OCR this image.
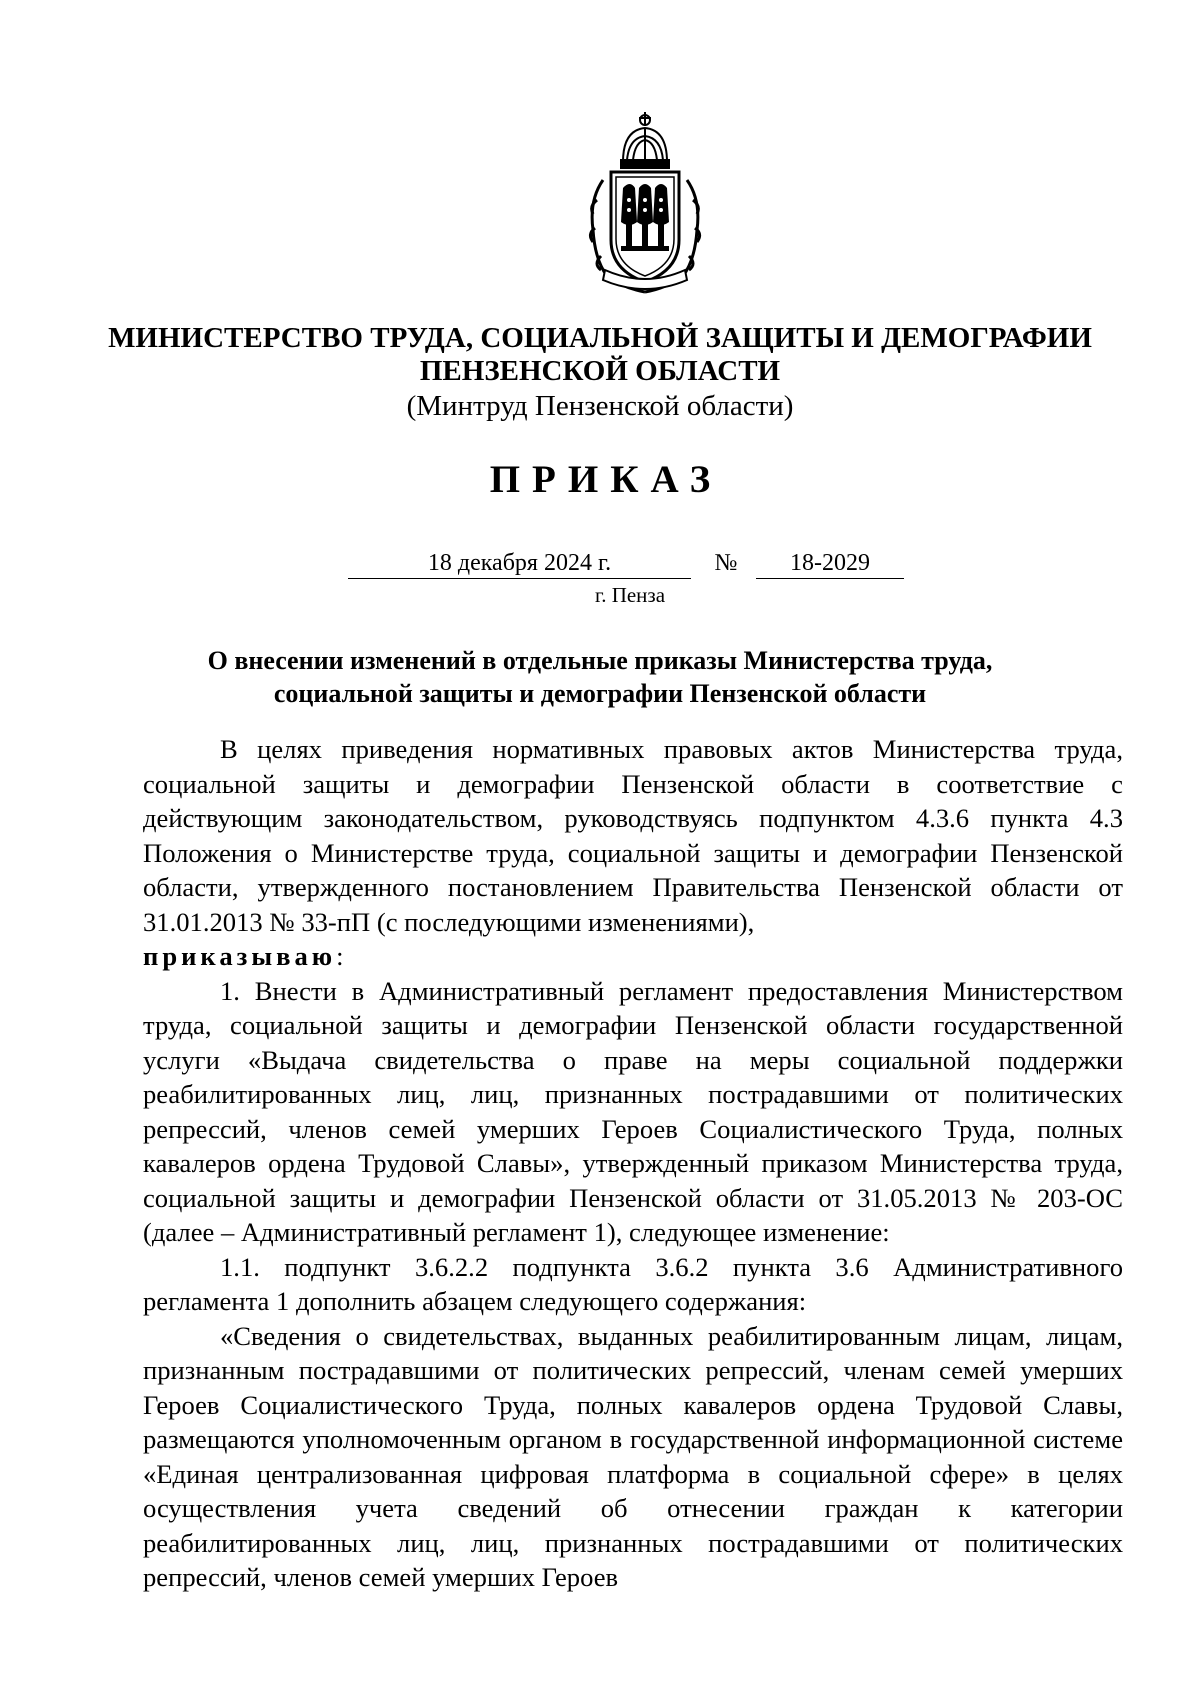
МИНИСТЕРСТВО ТРУДА, СОЦИАЛЬНОЙ ЗАЩИТЫ И ДЕМОГРАФИИ
ПЕНЗЕНСКОЙ ОБЛАСТИ
(Минтруд Пензенской области)
ПРИКАЗ
18 декабря 2024 г.	№	18-2029
г. Пенза
О внесении изменений в отдельные приказы Министерства труда,
социальной защиты и демографии Пензенской области

В целях приведения нормативных правовых актов Министерства труда, социальной защиты и демографии Пензенской области в соответствие с действующим законодательством, руководствуясь подпунктом 4.3.6 пункта 4.3 Положения о Министерстве труда, социальной защиты и демографии Пензенской области, утвержденного постановлением Правительства Пензенской области от 31.01.2013 № 33-пП (с последующими изменениями),

приказываю:

1. Внести в Административный регламент предоставления Министерством труда, социальной защиты и демографии Пензенской области государственной услуги «Выдача свидетельства о праве на меры социальной поддержки реабилитированных лиц, лиц, признанных пострадавшими от политических репрессий, членов семей умерших Героев Социалистического Труда, полных кавалеров ордена Трудовой Славы», утвержденный приказом Министерства труда, социальной защиты и демографии Пензенской области от 31.05.2013 № 203-ОС (далее – Административный регламент 1), следующее изменение:

1.1. подпункт 3.6.2.2 подпункта 3.6.2 пункта 3.6 Административного регламента 1 дополнить абзацем следующего содержания:

«Сведения о свидетельствах, выданных реабилитированным лицам, лицам, признанным пострадавшими от политических репрессий, членам семей умерших Героев Социалистического Труда, полных кавалеров ордена Трудовой Славы, размещаются уполномоченным органом в государственной информационной системе «Единая централизованная цифровая платформа в социальной сфере» в целях осуществления учета сведений об отнесении граждан к категории реабилитированных лиц, лиц, признанных пострадавшими от политических репрессий, членов семей умерших Героев
